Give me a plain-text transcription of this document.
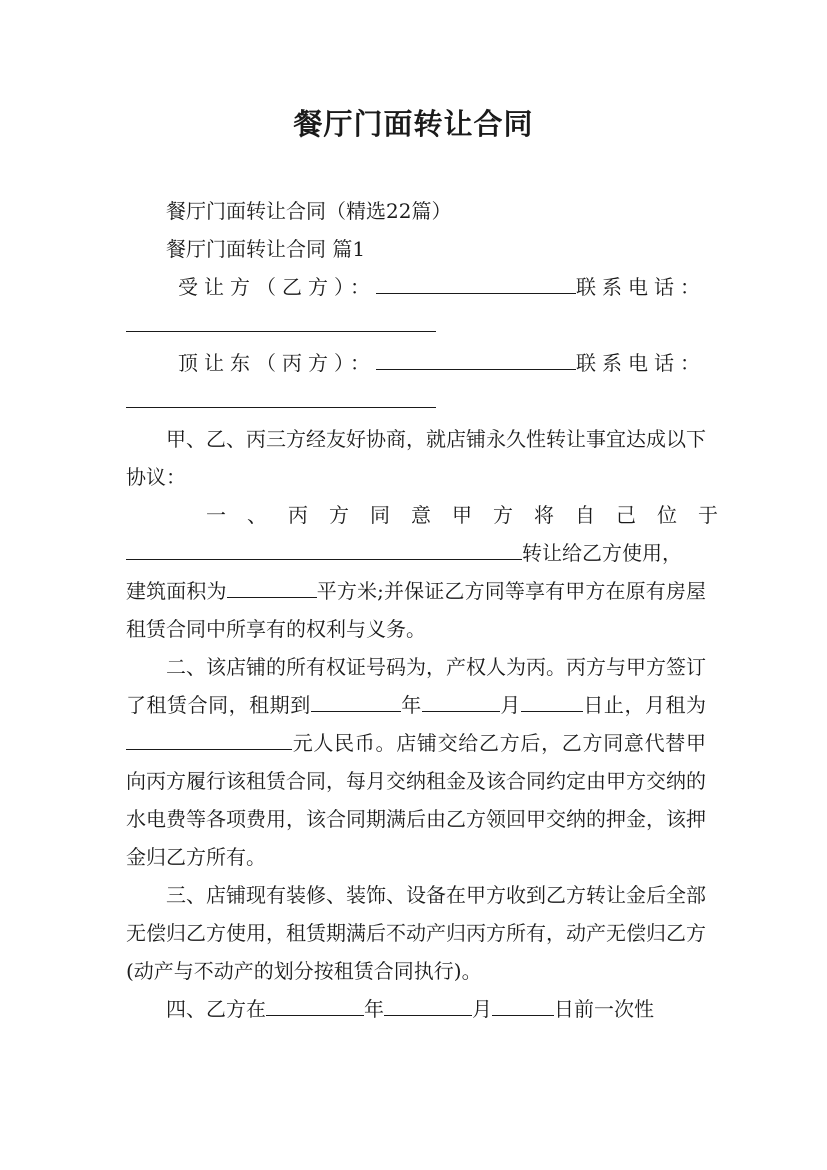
餐厅门面转让合同

餐厅门面转让合同（精选22篇）

餐厅门面转让合同 篇1

受让方（乙方）：	联系电话：

顶让东（丙方）：	联系电话：

甲、乙、丙三方经友好协商，就店铺永久性转让事宜达成以下协议：

一、丙方同意甲方将自己位于
转让给乙方使用，
建筑面积为	平方米;并保证乙方同等享有甲方在原有房屋租赁合同中所享有的权利与义务。

二、该店铺的所有权证号码为，产权人为丙。丙方与甲方签订了租赁合同，租期到	年	月	日止，月租为元人民币。店铺交给乙方后，乙方同意代替甲向丙方履行该租赁合同，每月交纳租金及该合同约定由甲方交纳的水电费等各项费用，该合同期满后由乙方领回甲交纳的押金，该押金归乙方所有。

三、店铺现有装修、装饰、设备在甲方收到乙方转让金后全部无偿归乙方使用，租赁期满后不动产归丙方所有，动产无偿归乙方(动产与不动产的划分按租赁合同执行)。

四、乙方在	年	月	日前一次性
